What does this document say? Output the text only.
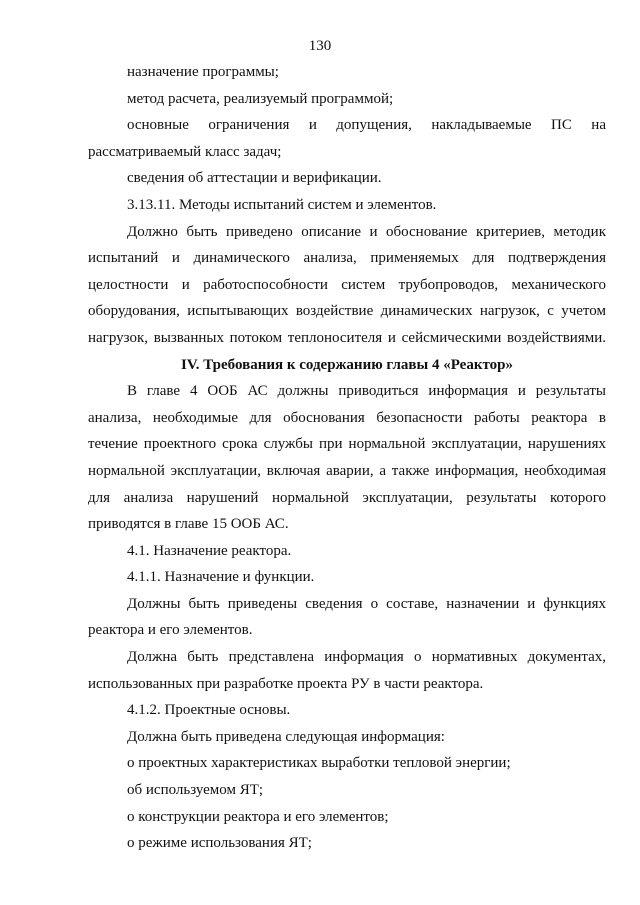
130
назначение программы;
метод расчета, реализуемый программой;
основные ограничения и допущения, накладываемые ПС на
рассматриваемый класс задач;
сведения об аттестации и верификации.
3.13.11. Методы испытаний систем и элементов.
Должно быть приведено описание и обоснование критериев, методик
испытаний и динамического анализа, применяемых для подтверждения
целостности и работоспособности систем трубопроводов, механического
оборудования, испытывающих воздействие динамических нагрузок, с учетом
нагрузок, вызванных потоком теплоносителя и сейсмическими воздействиями.
IV. Требования к содержанию главы 4 «Реактор»
В главе 4 ООБ АС должны приводиться информация и результаты
анализа, необходимые для обоснования безопасности работы реактора в
течение проектного срока службы при нормальной эксплуатации, нарушениях
нормальной эксплуатации, включая аварии, а также информация, необходимая
для анализа нарушений нормальной эксплуатации, результаты которого
приводятся в главе 15 ООБ АС.
4.1. Назначение реактора.
4.1.1. Назначение и функции.
Должны быть приведены сведения о составе, назначении и функциях
реактора и его элементов.
Должна быть представлена информация о нормативных документах,
использованных при разработке проекта РУ в части реактора.
4.1.2. Проектные основы.
Должна быть приведена следующая информация:
о проектных характеристиках выработки тепловой энергии;
об используемом ЯТ;
о конструкции реактора и его элементов;
о режиме использования ЯТ;
